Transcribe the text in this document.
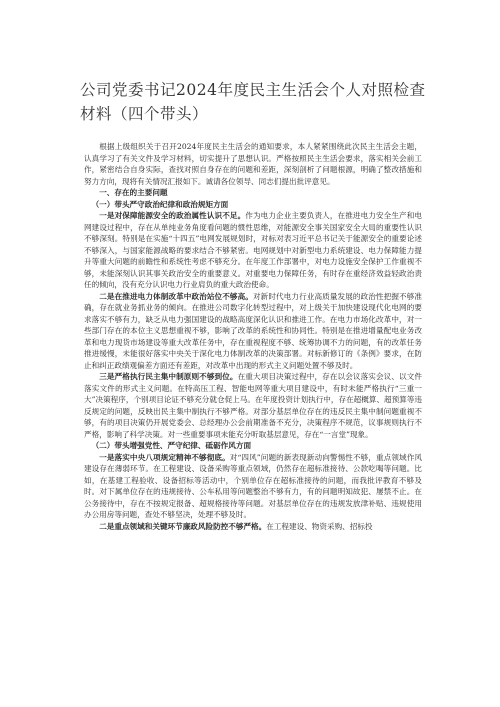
公司党委书记2024年度民主生活会个人对照检查材料（四个带头）

根据上级组织关于召开2024年度民主生活会的通知要求，本人紧紧围绕此次民主生活会主题，认真学习了有关文件及学习材料，切实提升了思想认识。严格按照民主生活会要求，落实相关会前工作，紧密结合自身实际，查找对照自身存在的问题和差距，深刻剖析了问题根源，明确了整改措施和努力方向，现将有关情况汇报如下。诚请各位领导、同志们提出批评意见。

一、存在的主要问题

（一）带头严守政治纪律和政治规矩方面

一是对保障能源安全的政治属性认识不足。作为电力企业主要负责人，在推进电力安全生产和电网建设过程中，存在从单纯业务角度看问题的惯性思维，对能源安全事关国家安全大局的重要性认识不够深刻。特别是在实施“十四五”电网发展规划时，对标对表习近平总书记关于能源安全的重要论述不够深入，与国家能源战略的要求结合不够紧密。电网规划中对新型电力系统建设、电力保障能力提升等重大问题的前瞻性和系统性考虑不够充分。在年度工作部署中，对电力设施安全保护工作重视不够，未能深刻认识其事关政治安全的重要意义。对重要电力保障任务，有时存在重经济效益轻政治责任的倾向，没有充分认识电力行业肩负的重大政治使命。

二是在推进电力体制改革中政治站位不够高。对新时代电力行业高质量发展的政治性把握不够准确，存在就业务抓业务的倾向。在推进公司数字化转型过程中，对上级关于加快建设现代化电网的要求落实不够有力，缺乏从电力强国建设的战略高度深化认识和推进工作。在电力市场化改革中，对一些部门存在的本位主义思想重视不够，影响了改革的系统性和协同性。特别是在推进增量配电业务改革和电力现货市场建设等重大改革任务中，存在重视程度不够、统筹协调不力的问题，有的改革任务推进缓慢，未能很好落实中央关于深化电力体制改革的决策部署。对标新修订的《条例》要求，在防止和纠正政绩观偏差方面还有差距，对改革中出现的形式主义问题处置不够及时。

三是严格执行民主集中制原则不够到位。在重大项目决策过程中，存在以会议落实会议、以文件落实文件的形式主义问题。在特高压工程、智能电网等重大项目建设中，有时未能严格执行“三重一大”决策程序，个别项目论证不够充分就仓促上马。在年度投资计划执行中，存在超概算、超预算等违反规定的问题，反映出民主集中制执行不够严格。对部分基层单位存在的违反民主集中制问题重视不够，有的项目决策仍开展党委会、总经理办公会前期准备不充分，决策程序不规范，议事规则执行不严格，影响了科学决策。对一些重要事项未能充分听取基层意见，存在“一言堂”现象。

（二）带头增强党性、严守纪律、砥砺作风方面

一是落实中央八项规定精神不够彻底。对“四风”问题的新表现新动向警惕性不够，重点领域作风建设存在薄弱环节。在工程建设、设备采购等重点领域，仍然存在超标准接待、公款吃喝等问题。比如，在基建工程验收、设备招标等活动中，个别单位存在超标准接待的问题，而我批评教育不够及时。对下属单位存在的违规接待、公车私用等问题整治不够有力，有的问题明知故犯、屡禁不止。在公务接待中，存在不按规定报备、超规格接待等问题。对基层单位存在的违规发放津补贴、违规使用办公用房等问题，查处不够坚决，处理不够及时。

二是重点领域和关键环节廉政风险防控不够严格。在工程建设、物资采购、招标投
